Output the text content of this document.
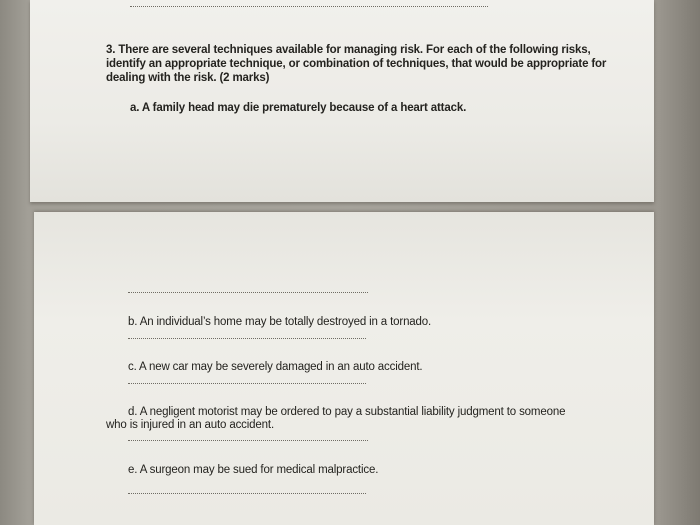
3. There are several techniques available for managing risk. For each of the following risks,
identify an appropriate technique, or combination of techniques, that would be appropriate for
dealing with the risk. (2 marks)
a. A family head may die prematurely because of a heart attack.
b. An individual’s home may be totally destroyed in a tornado.
c. A new car may be severely damaged in an auto accident.
d. A negligent motorist may be ordered to pay a substantial liability judgment to someone
who is injured in an auto accident.
e. A surgeon may be sued for medical malpractice.
